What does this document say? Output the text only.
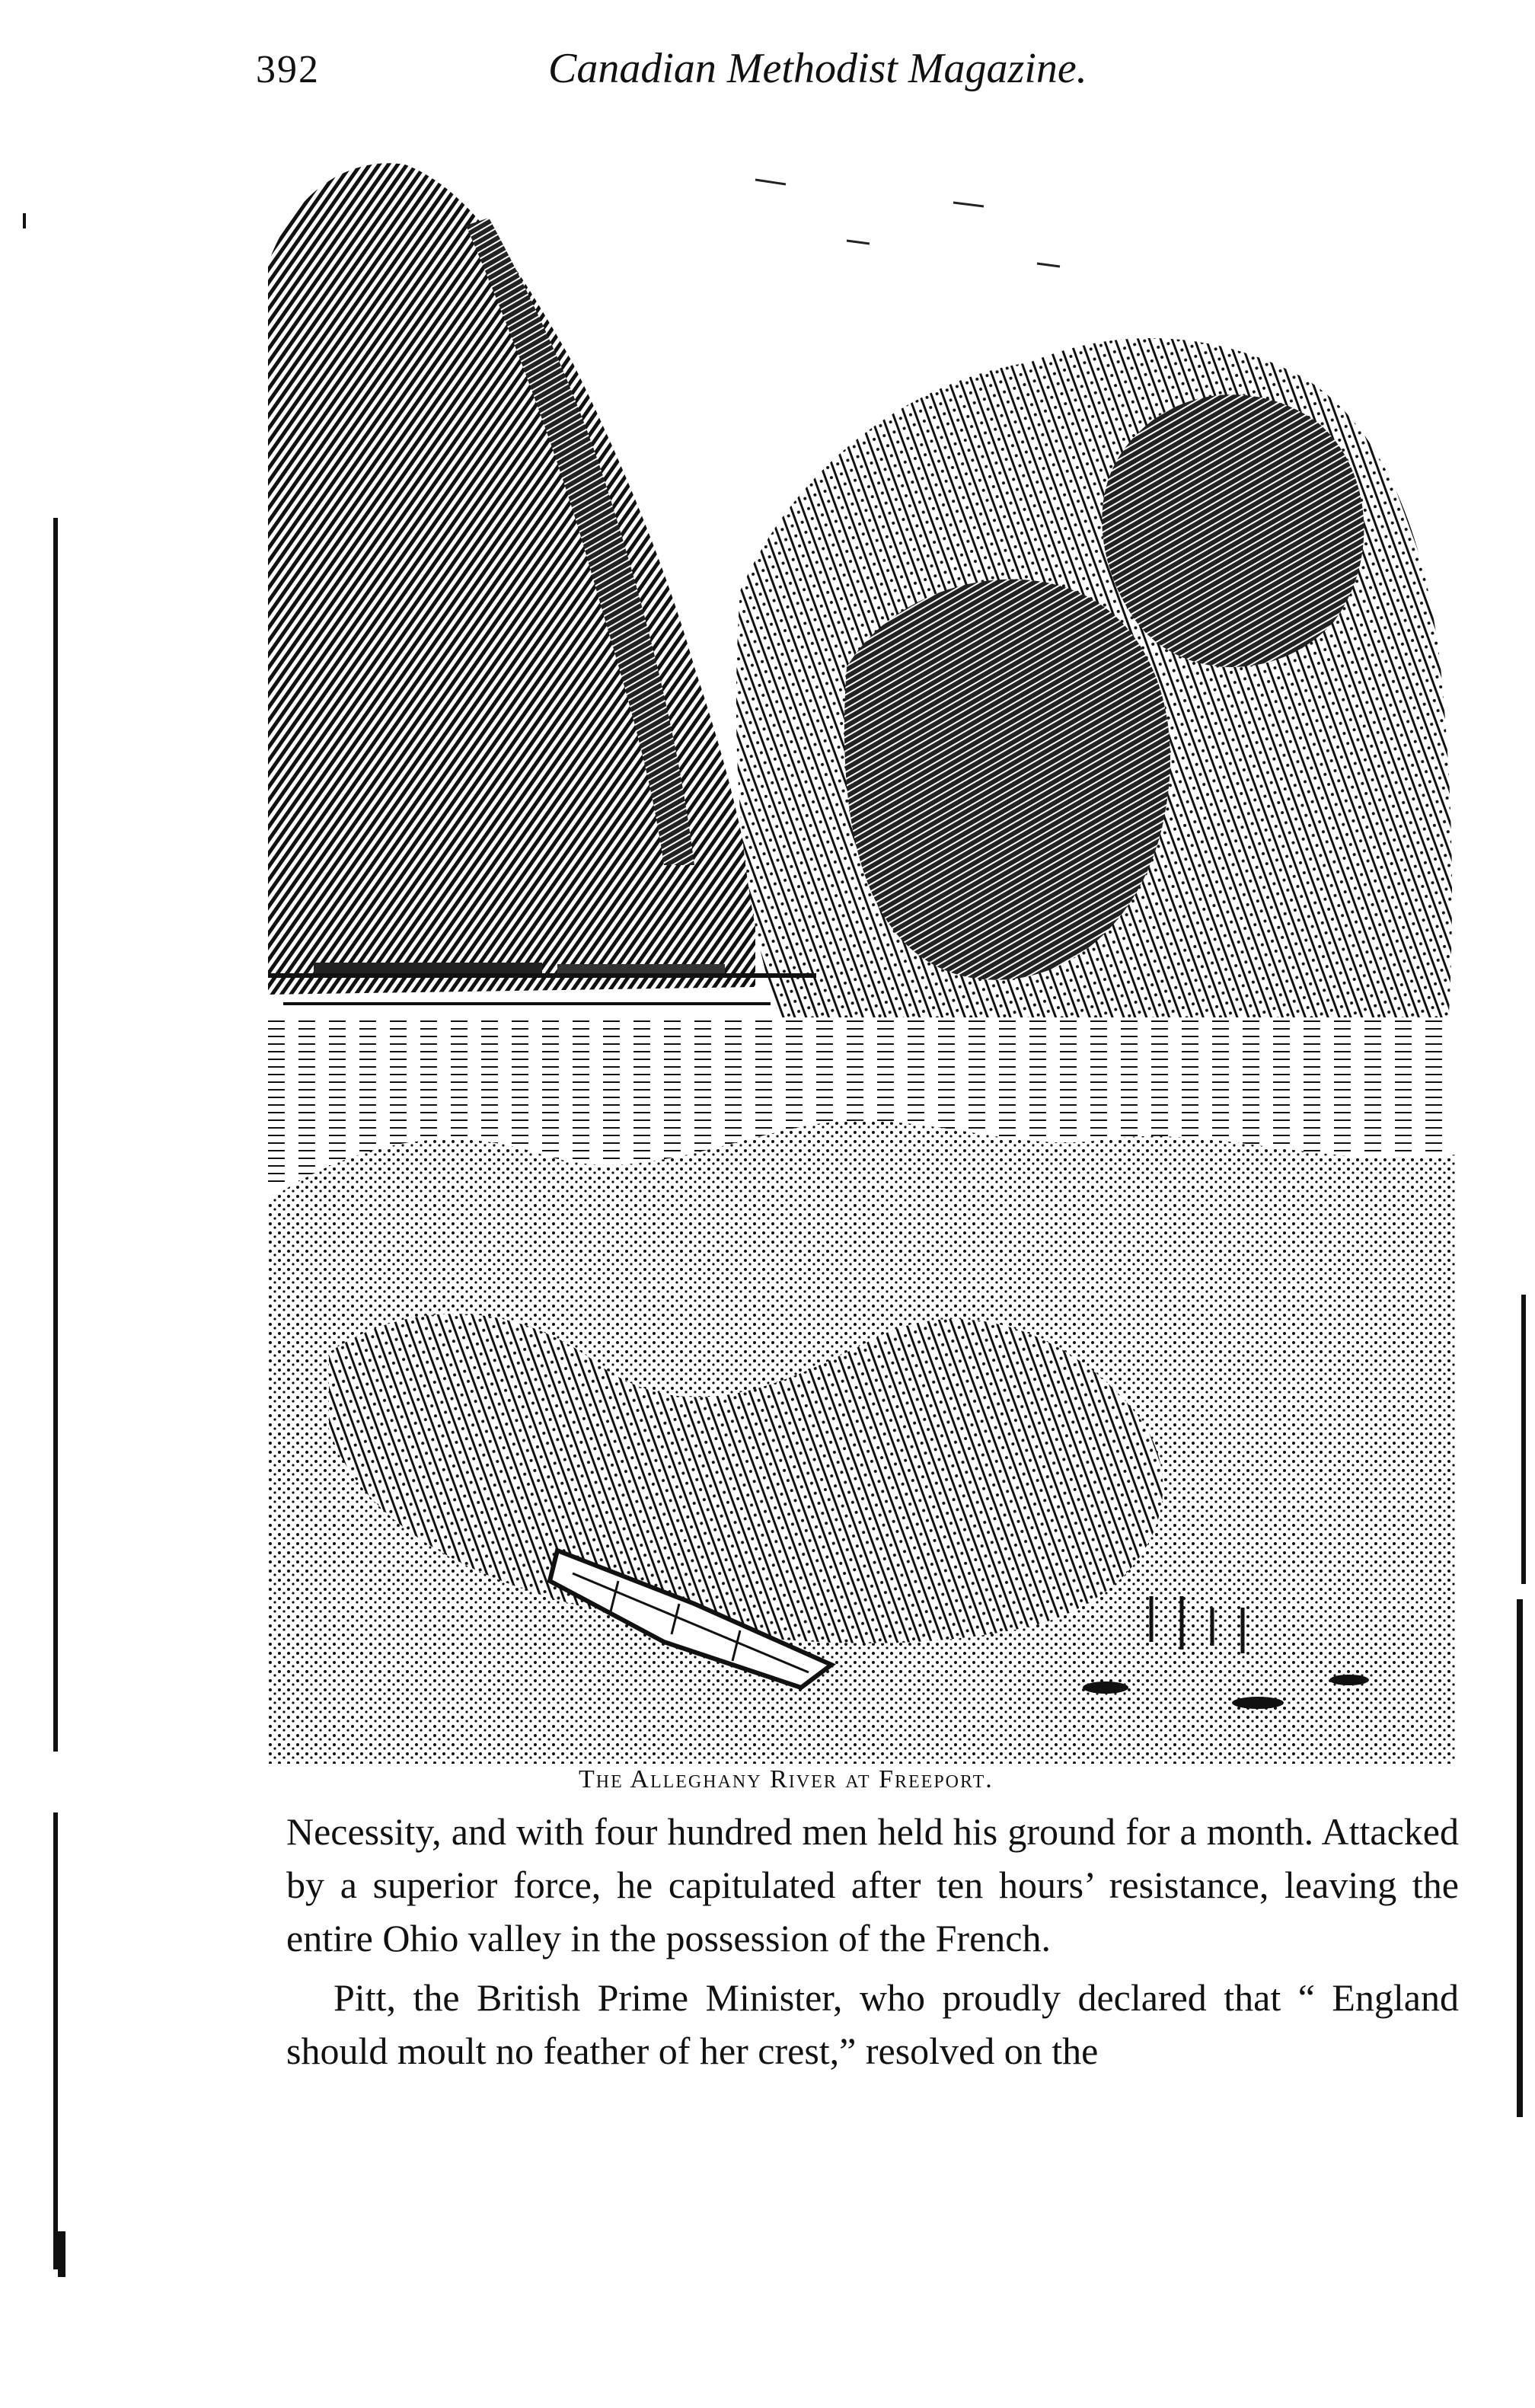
392	Canadian Methodist Magazine.
The Alleghany River at Freeport.

Necessity, and with four hundred men held his ground for a month. Attacked by a superior force, he capitulated after ten hours’ resistance, leaving the entire Ohio valley in the possession of the French.

Pitt, the British Prime Minister, who proudly declared that “ England should moult no feather of her crest,” resolved on the
